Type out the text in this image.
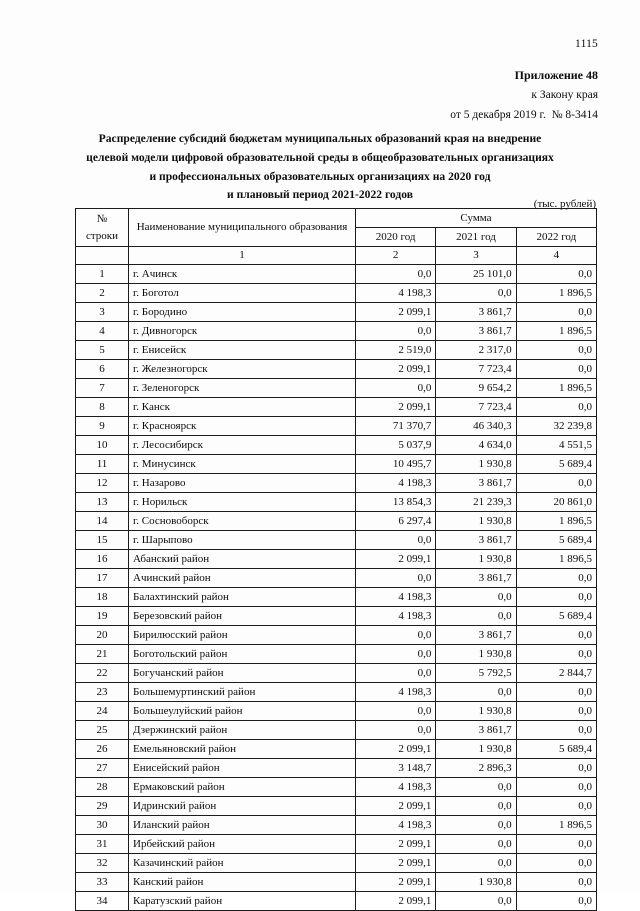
1115
Приложение 48
к Закону края
от 5 декабря 2019 г.  № 8-3414
Распределение субсидий бюджетам муниципальных образований края на внедрение
целевой модели цифровой образовательной среды в общеобразовательных организациях
и профессиональных образовательных организациях на 2020 год
и плановый период 2021-2022 годов
(тыс. рублей)
№
строки	Наименование муниципального образования	Сумма		
		2020 год	2021 год	2022 год
	1	2	3	4
1	г. Ачинск	0,0	25 101,0	0,0
2	г. Боготол	4 198,3	0,0	1 896,5
3	г. Бородино	2 099,1	3 861,7	0,0
4	г. Дивногорск	0,0	3 861,7	1 896,5
5	г. Енисейск	2 519,0	2 317,0	0,0
6	г. Железногорск	2 099,1	7 723,4	0,0
7	г. Зеленогорск	0,0	9 654,2	1 896,5
8	г. Канск	2 099,1	7 723,4	0,0
9	г. Красноярск	71 370,7	46 340,3	32 239,8
10	г. Лесосибирск	5 037,9	4 634,0	4 551,5
11	г. Минусинск	10 495,7	1 930,8	5 689,4
12	г. Назарово	4 198,3	3 861,7	0,0
13	г. Норильск	13 854,3	21 239,3	20 861,0
14	г. Сосновоборск	6 297,4	1 930,8	1 896,5
15	г. Шарыпово	0,0	3 861,7	5 689,4
16	Абанский район	2 099,1	1 930,8	1 896,5
17	Ачинский район	0,0	3 861,7	0,0
18	Балахтинский район	4 198,3	0,0	0,0
19	Березовский район	4 198,3	0,0	5 689,4
20	Бирилюсский район	0,0	3 861,7	0,0
21	Боготольский район	0,0	1 930,8	0,0
22	Богучанский район	0,0	5 792,5	2 844,7
23	Большемуртинский район	4 198,3	0,0	0,0
24	Большеулуйский район	0,0	1 930,8	0,0
25	Дзержинский район	0,0	3 861,7	0,0
26	Емельяновский район	2 099,1	1 930,8	5 689,4
27	Енисейский район	3 148,7	2 896,3	0,0
28	Ермаковский район	4 198,3	0,0	0,0
29	Идринский район	2 099,1	0,0	0,0
30	Иланский район	4 198,3	0,0	1 896,5
31	Ирбейский район	2 099,1	0,0	0,0
32	Казачинский район	2 099,1	0,0	0,0
33	Канский район	2 099,1	1 930,8	0,0
34	Каратузский район	2 099,1	0,0	0,0
